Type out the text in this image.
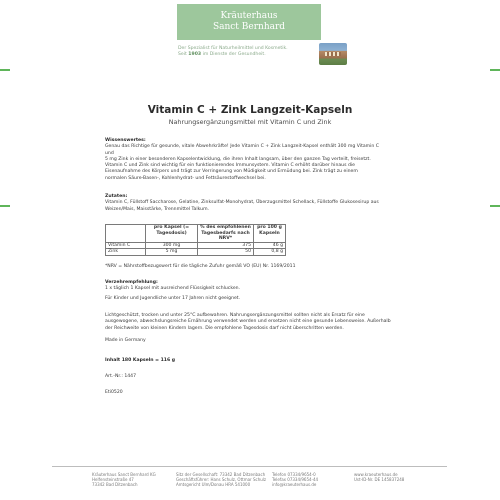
Kräuterhaus
Sanct Bernhard
Der Spezialist für Naturheilmittel und Kosmetik.
Seit 1903 im Dienste der Gesundheit.
Vitamin C + Zink Langzeit-Kapseln
Nahrungsergänzungsmittel mit Vitamin C und Zink
Wissenswertes:
Genau das Richtige für gesunde, vitale Abwehrkräfte! Jede Vitamin C + Zink Langzeit-Kapsel enthält 300 mg Vitamin C
und
5 mg Zink in einer besonderen Kapselentwicklung, die ihren Inhalt langsam, über den ganzen Tag verteilt, freisetzt.
Vitamin C und Zink sind wichtig für ein funktionierendes Immunsystem. Vitamin C erhöht darüber hinaus die
Eisenaufnahme des Körpers und trägt zur Verringerung von Müdigkeit und Ermüdung bei. Zink trägt zu einem
normalen Säure-Basen-, Kohlenhydrat- und Fettsäurestoffwechsel bei.
Zutaten:
Vitamin C, Füllstoff Saccharose, Gelatine, Zinksulfat-Monohydrat, Überzugsmittel Schellack, Füllstoffe Glukosesirup aus
Weizen/Mais, Maisstärke, Trennmittel Talkum.
	pro Kapsel (= Tagesdosis)	% des empfohlenen Tagesbedarfs nach NRV*	pro 100 g Kapseln
Vitamin C	300 mg	375	46 g
Zink	5 mg	50	0,8 g
*NRV = Nährstoffbezugswert für die tägliche Zufuhr gemäß VO (EU) Nr. 1169/2011
Verzehrempfehlung:
1 x täglich 1 Kapsel mit ausreichend Flüssigkeit schlucken.
Für Kinder und Jugendliche unter 17 Jahren nicht geeignet.
Lichtgeschützt, trocken und unter 25°C aufbewahren. Nahrungsergänzungsmittel sollten nicht als Ersatz für eine
ausgewogene, abwechslungsreiche Ernährung verwendet werden und ersetzen nicht eine gesunde Lebensweise. Außerhalb
der Reichweite von kleinen Kindern lagern. Die empfohlene Tagesdosis darf nicht überschritten werden.
Made in Germany
Inhalt 180 Kapseln = 116 g
Art.-Nr.: 1447
Eti0520
Kräuterhaus Sanct Bernhard KG
Helfensteinstraße 47
73342 Bad Ditzenbach
Sitz der Gesellschaft: 73342 Bad Ditzenbach
Geschäftsführer: Hans Schulz, Ottmar Schulz
Amtsgericht Ulm/Donau HRA 541000
Telefon 07334/9654-0
Telefax 07334/9654-44
info@kraeuterhaus.de
www.kraeuterhaus.de
Ust-ID-Nr. DE 145837248
